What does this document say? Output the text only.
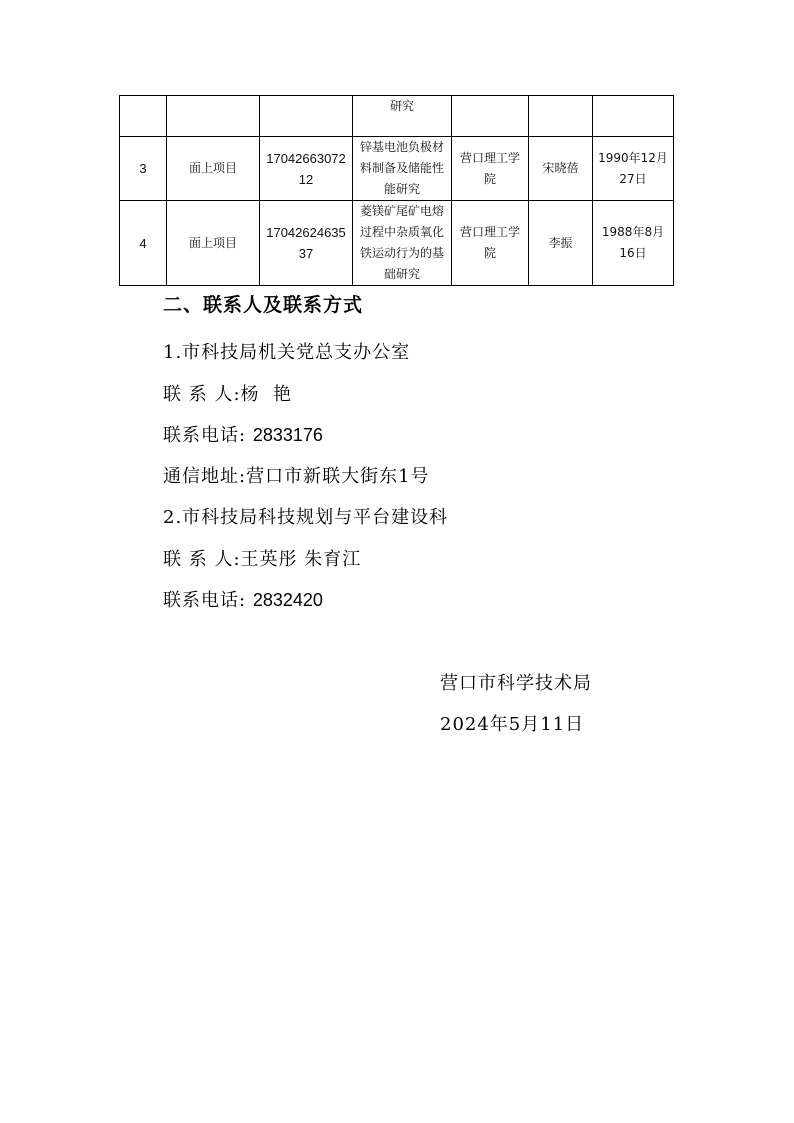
			研究			
3	面上项目	1704266307212	锌基电池负极材料制备及储能性能研究	营口理工学院	宋晓蓓	1990年12月 27日
4	面上项目	1704262463537	菱镁矿尾矿电熔过程中杂质氧化铁运动行为的基础研究	营口理工学院	李振	1988年8月16日
二、联系人及联系方式
1.市科技局机关党总支办公室
联 系 人:杨  艳
联系电话: 2833176
通信地址:营口市新联大街东1号
2.市科技局科技规划与平台建设科
联 系 人:王英彤 朱育江
联系电话: 2832420
营口市科学技术局
2024年5月11日
